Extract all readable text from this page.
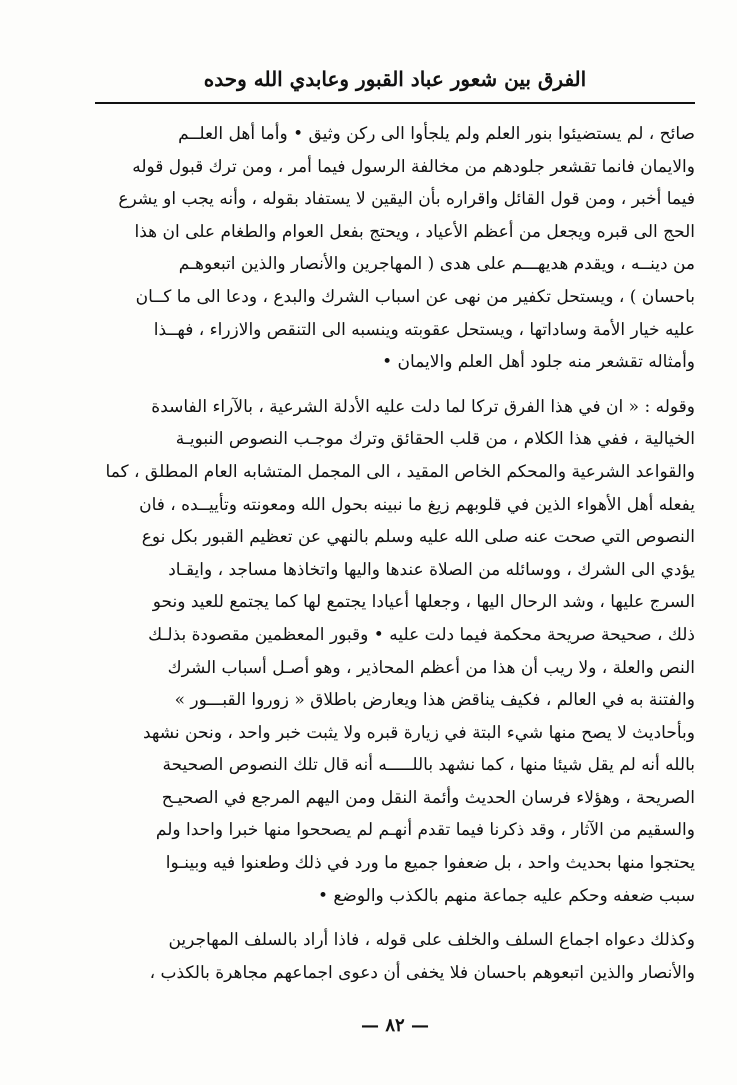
الفرق بين شعور عباد القبور وعابدي الله وحده

صائح ، لم يستضيئوا بنور العلم ولم يلجأوا الى ركن وثيق • وأما أهل العلــم
والايمان فانما تقشعر جلودهم من مخالفة الرسول فيما أمر ، ومن ترك قبول قوله
فيما أخبر ، ومن قول القائل واقراره بأن اليقين لا يستفاد بقوله ، وأنه يجب او يشرع
الحج الى قبره ويجعل من أعظم الأعياد ، ويحتج بفعل العوام والطغام على ان هذا
من دينــه ، ويقدم هديهـــم على هدى ( المهاجرين والأنصار والذين اتبعوهـم
باحسان ) ، ويستحل تكفير من نهى عن اسباب الشرك والبدع ، ودعا الى ما كــان
عليه خيار الأمة وساداتها ، ويستحل عقوبته وينسبه الى التنقص والازراء ، فهــذا
وأمثاله تقشعر منه جلود أهل العلم والايمان •

وقوله : « ان في هذا الفرق تركا لما دلت عليه الأدلة الشرعية ، بالآراء الفاسدة
الخيالية ، ففي هذا الكلام ، من قلب الحقائق وترك موجـب النصوص النبويـة
والقواعد الشرعية والمحكم الخاص المقيد ، الى المجمل المتشابه العام المطلق ، كما
يفعله أهل الأهواء الذين في قلوبهم زيغ ما نبينه بحول الله ومعونته وتأييــده ، فان
النصوص التي صحت عنه صلى الله عليه وسلم بالنهي عن تعظيم القبور بكل نوع
يؤدي الى الشرك ، ووسائله من الصلاة عندها واليها واتخاذها مساجد ، وايقـاد
السرج عليها ، وشد الرحال اليها ، وجعلها أعيادا يجتمع لها كما يجتمع للعيد ونحو
ذلك ، صحيحة صريحة محكمة فيما دلت عليه • وقبور المعظمين مقصودة بذلـك
النص والعلة ، ولا ريب أن هذا من أعظم المحاذير ، وهو أصـل أسباب الشرك
والفتنة به في العالم ، فكيف يناقض هذا ويعارض باطلاق « زوروا القبـــور »
وبأحاديث لا يصح منها شيء البتة في زيارة قبره ولا يثبت خبر واحد ، ونحن نشهد
بالله أنه لم يقل شيئا منها ، كما نشهد باللـــــه أنه قال تلك النصوص الصحيحة
الصريحة ، وهؤلاء فرسان الحديث وأئمة النقل ومن اليهم المرجع في الصحيـح
والسقيم من الآثار ، وقد ذكرنا فيما تقدم أنهـم لم يصححوا منها خبرا واحدا ولم
يحتجوا منها بحديث واحد ، بل ضعفوا جميع ما ورد في ذلك وطعنوا فيه وبينـوا
سبب ضعفه وحكم عليه جماعة منهم بالكذب والوضع •

وكذلك دعواه اجماع السلف والخلف على قوله ، فاذا أراد بالسلف المهاجرين
والأنصار والذين اتبعوهم باحسان فلا يخفى أن دعوى اجماعهم مجاهرة بالكذب ،

— ٨٢ —
